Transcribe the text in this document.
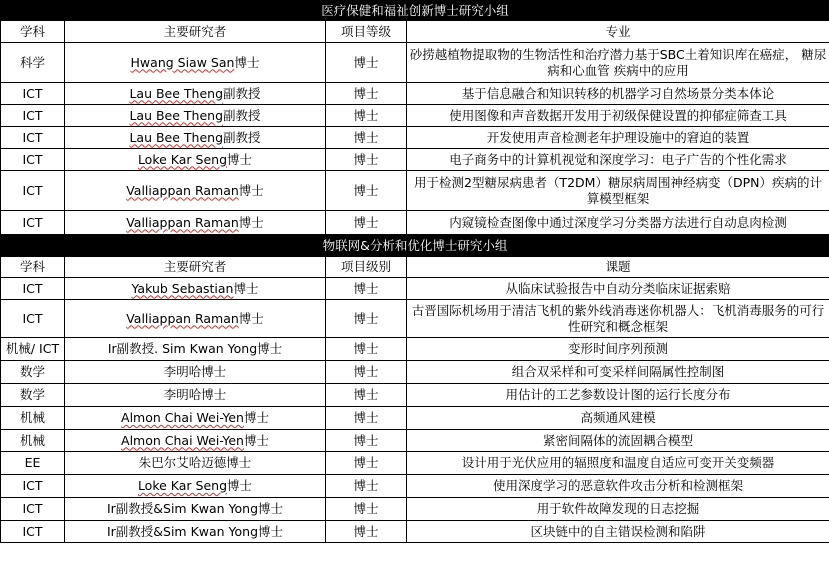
医疗保健和福祉创新博士研究小组			
学科	主要研究者	项目等级	专业
科学	Hwang Siaw San博士	博士	砂捞越植物提取物的生物活性和治疗潜力基于SBC土着知识库在癌症， 糖尿病和心血管 疾病中的应用
ICT	Lau Bee Theng副教授	博士	基于信息融合和知识转移的机器学习自然场景分类本体论
ICT	Lau Bee Theng副教授	博士	使用图像和声音数据开发用于初级保健设置的抑郁症筛查工具
ICT	Lau Bee Theng副教授	博士	开发使用声音检测老年护理设施中的窘迫的装置
ICT	Loke Kar Seng博士	博士	电子商务中的计算机视觉和深度学习：电子广告的个性化需求
ICT	Valliappan Raman博士	博士	用于检测2型糖尿病患者（T2DM）糖尿病周围神经病变（DPN）疾病的计算模型框架
ICT	Valliappan Raman博士	博士	内窥镜检查图像中通过深度学习分类器方法进行自动息肉检测
物联网&分析和优化博士研究小组			
学科	主要研究者	项目级别	课题
ICT	Yakub Sebastian博士	博士	从临床试验报告中自动分类临床证据索赔
ICT	Valliappan Raman博士	博士	古晋国际机场用于清洁飞机的紫外线消毒迷你机器人：飞机消毒服务的可行性研究和概念框架
机械/ ICT	Ir副教授. Sim Kwan Yong博士	博士	变形时间序列预测
数学	李明哈博士	博士	组合双采样和可变采样间隔属性控制图
数学	李明哈博士	博士	用估计的工艺参数设计图的运行长度分布
机械	Almon Chai Wei-Yen博士	博士	高频通风建模
机械	Almon Chai Wei-Yen博士	博士	紧密间隔体的流固耦合模型
EE	朱巴尔艾哈迈德博士	博士	设计用于光伏应用的辐照度和温度自适应可变开关变频器
ICT	Loke Kar Seng博士	博士	使用深度学习的恶意软件攻击分析和检测框架
ICT	Ir副教授&Sim Kwan Yong博士	博士	用于软件故障发现的日志挖掘
ICT	Ir副教授&Sim Kwan Yong博士	博士	区块链中的自主错误检测和陷阱
